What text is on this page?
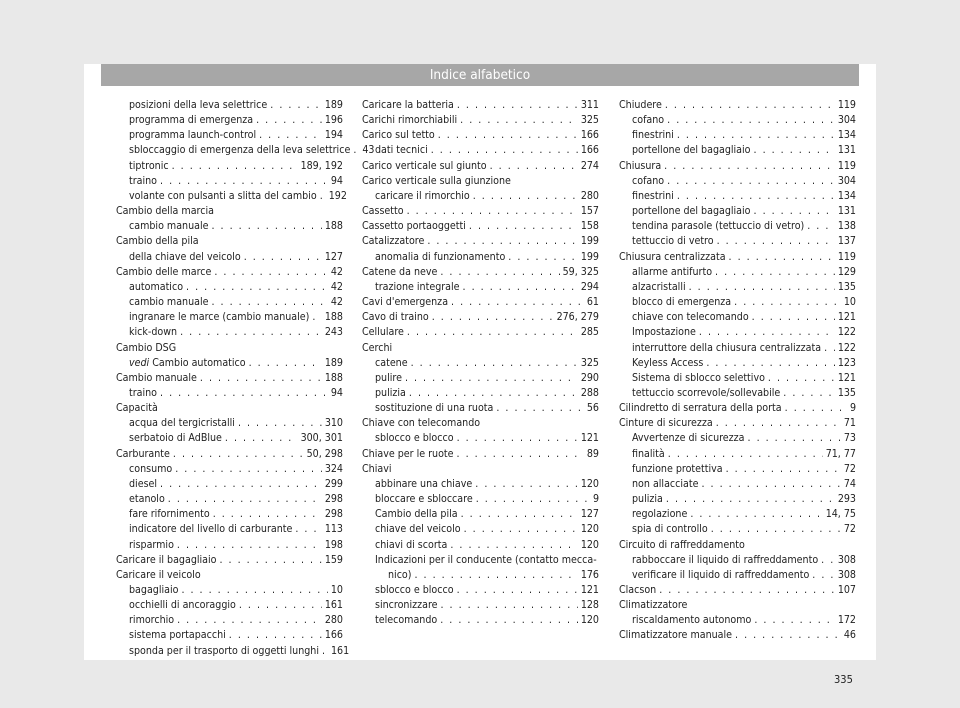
Indice alfabetico
posizioni della leva selettrice . . .	189
programma di emergenza . . .	196
programma launch-control . . .	194
sbloccaggio di emergenza della leva selettrice . . . 43
tiptronic . . .	189, 192
traino . . .	94
volante con pulsanti a slitta del cambio . . . 192
Cambio della marcia
cambio manuale . . .	188
Cambio della pila
della chiave del veicolo . . .	127
Cambio delle marce . . .	42
automatico . . .	42
cambio manuale . . .	42
ingranare le marce (cambio manuale) . . . 188
kick-down . . .	243
Cambio DSG
vedi Cambio automatico . . .	189
Cambio manuale . . .	188
traino . . .	94
Capacità
acqua del tergicristalli . . .	310
serbatoio di AdBlue . . .	300, 301
Carburante . . .	50, 298
consumo . . .	324
diesel . . .	299
etanolo . . .	298
fare rifornimento . . .	298
indicatore del livello di carburante . . .	113
risparmio . . .	198
Caricare il bagagliaio . . .	159
Caricare il veicolo
bagagliaio . . .	10
occhielli di ancoraggio . . .	161
rimorchio . . .	280
sistema portapacchi . . .	166
sponda per il trasporto di oggetti lunghi . . . 161
Caricare la batteria . . .	311
Carichi rimorchiabili . . .	325
Carico sul tetto . . .	166
dati tecnici . . .	166
Carico verticale sul giunto . . .	274
Carico verticale sulla giunzione
caricare il rimorchio . . .	280
Cassetto . . .	157
Cassetto portaoggetti . . .	158
Catalizzatore . . .	199
anomalia di funzionamento . . .	199
Catene da neve . . .	59, 325
trazione integrale . . .	294
Cavi d'emergenza . . .	61
Cavo di traino . . .	276, 279
Cellulare . . .	285
Cerchi
catene . . .	325
pulire . . .	290
pulizia . . .	288
sostituzione di una ruota . . .	56
Chiave con telecomando
sblocco e blocco . . .	121
Chiave per le ruote . . .	89
Chiavi
abbinare una chiave . . .	120
bloccare e sbloccare . . .	9
Cambio della pila . . .	127
chiave del veicolo . . .	120
chiavi di scorta . . .	120
Indicazioni per il conducente (contatto mecca-
nico) . . .	176
sblocco e blocco . . .	121
sincronizzare . . .	128
telecomando . . .	120
Chiudere . . .	119
cofano . . .	304
finestrini . . .	134
portellone del bagagliaio . . .	131
Chiusura . . .	119
cofano . . .	304
finestrini . . .	134
portellone del bagagliaio . . .	131
tendina parasole (tettuccio di vetro) . . .	138
tettuccio di vetro . . .	137
Chiusura centralizzata . . .	119
allarme antifurto . . .	129
alzacristalli . . .	135
blocco di emergenza . . .	10
chiave con telecomando . . .	121
Impostazione . . .	122
interruttore della chiusura centralizzata . . . 122
Keyless Access . . .	123
Sistema di sblocco selettivo . . .	121
tettuccio scorrevole/sollevabile . . .	135
Cilindretto di serratura della porta . . .	9
Cinture di sicurezza . . .	71
Avvertenze di sicurezza . . .	73
finalità . . .	71, 77
funzione protettiva . . .	72
non allacciate . . .	74
pulizia . . .	293
regolazione . . .	14, 75
spia di controllo . . .	72
Circuito di raffreddamento
rabboccare il liquido di raffreddamento . . . 308
verificare il liquido di raffreddamento . . .	308
Clacson . . .	107
Climatizzatore
riscaldamento autonomo . . .	172
Climatizzatore manuale . . .	46
335
